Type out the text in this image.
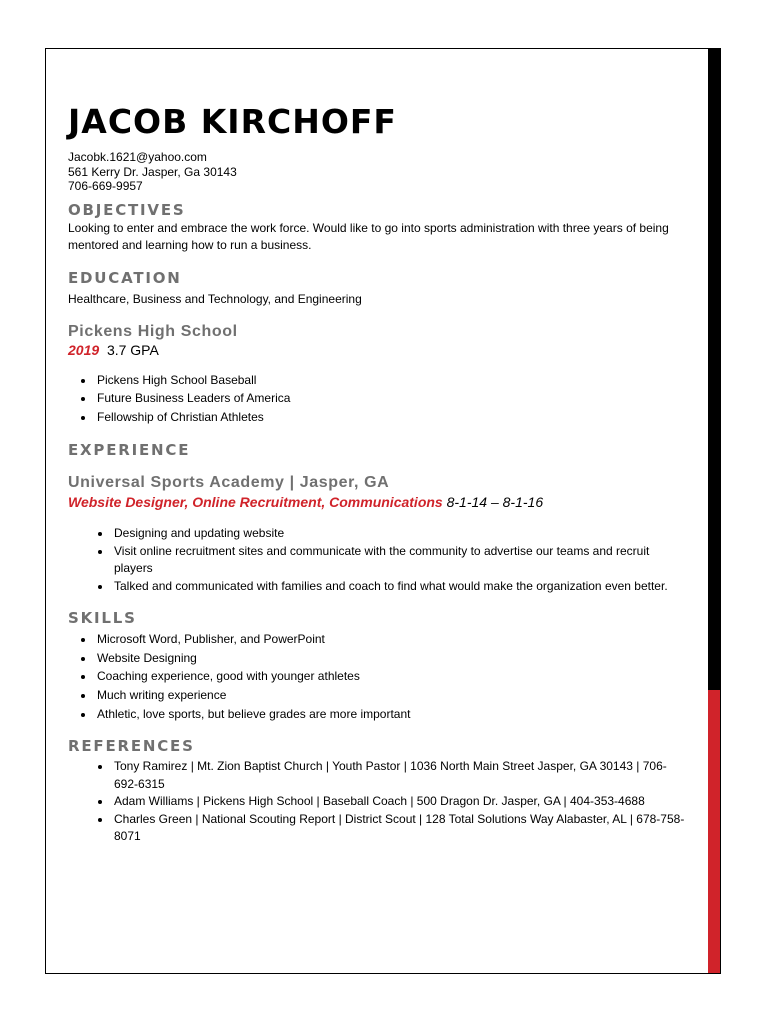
JACOB KIRCHOFF
Jacobk.1621@yahoo.com
561 Kerry Dr. Jasper, Ga 30143
706-669-9957
OBJECTIVES

Looking to enter and embrace the work force. Would like to go into sports administration with three years of being mentored and learning how to run a business.

EDUCATION

Healthcare, Business and Technology, and Engineering

Pickens High School

2019 3.7 GPA

• Pickens High School Baseball
• Future Business Leaders of America
• Fellowship of Christian Athletes
EXPERIENCE
Universal Sports Academy | Jasper, GA

Website Designer, Online Recruitment, Communications 8-1-14 – 8-1-16

• Designing and updating website
• Visit online recruitment sites and communicate with the community to advertise our teams and recruit players
• Talked and communicated with families and coach to find what would make the organization even better.
SKILLS
• Microsoft Word, Publisher, and PowerPoint
• Website Designing
• Coaching experience, good with younger athletes
• Much writing experience
• Athletic, love sports, but believe grades are more important
REFERENCES
• Tony Ramirez | Mt. Zion Baptist Church | Youth Pastor | 1036 North Main Street Jasper, GA 30143 | 706-692-6315
• Adam Williams | Pickens High School | Baseball Coach | 500 Dragon Dr. Jasper, GA | 404-353-4688
• Charles Green | National Scouting Report | District Scout | 128 Total Solutions Way Alabaster, AL | 678-758-8071
